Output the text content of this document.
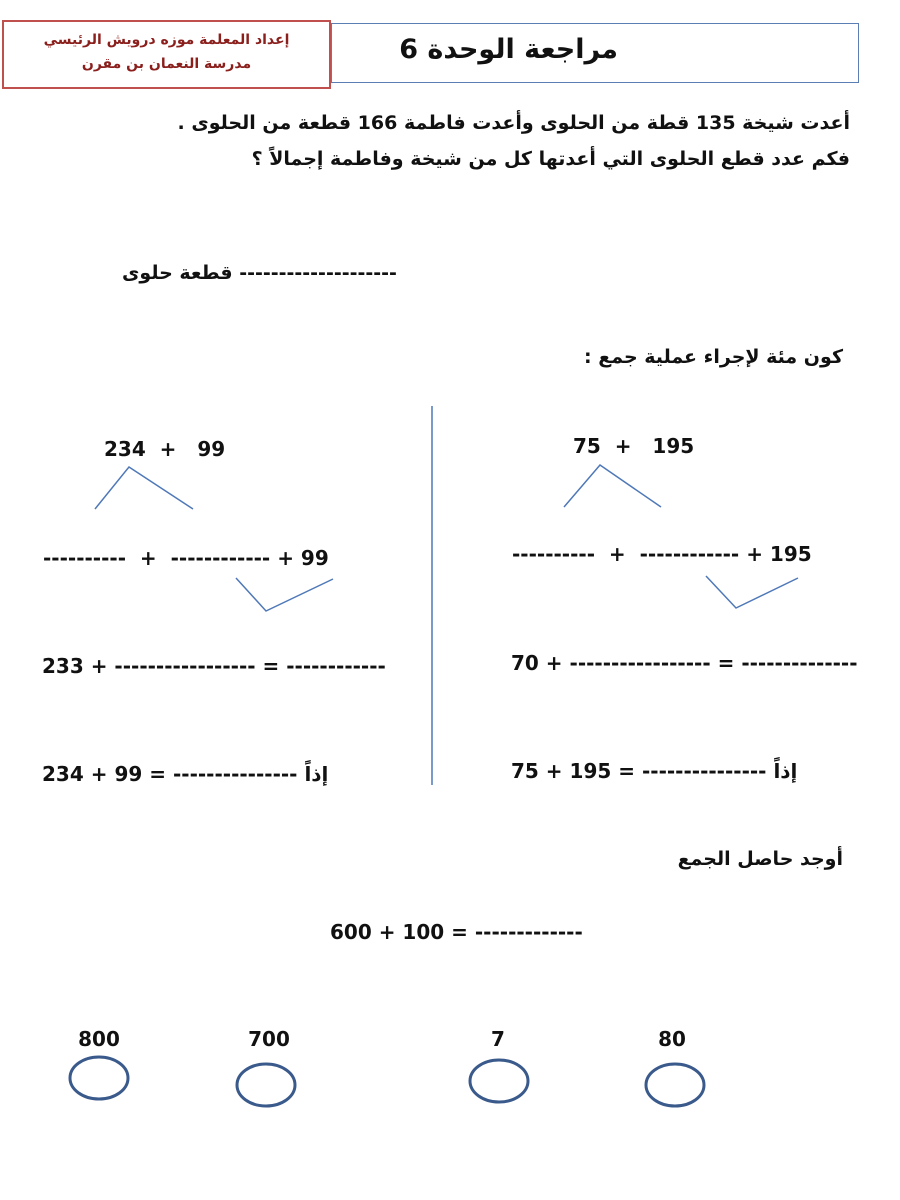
مراجعة الوحدة 6
إعداد المعلمة موزه درويش الرئيسي
مدرسة النعمان بن مقرن
أعدت شيخة 135 قطة من الحلوى وأعدت فاطمة 166 قطعة من الحلوى .
فكم عدد قطع الحلوى التي أعدتها كل من شيخة وفاطمة إجمالاً ؟
-------------------- قطعة حلوى
كون مئة لإجراء عملية جمع :
75  +   195
----------  +  ------------ + 195
70 + ----------------- = --------------
إذاً --------------- = 195 + 75
234  +   99
----------  +  ------------ + 99
233 + ----------------- = ------------
إذاً --------------- = 99 + 234
أوجد حاصل الجمع
600 + 100 = -------------
800	700	7	80
